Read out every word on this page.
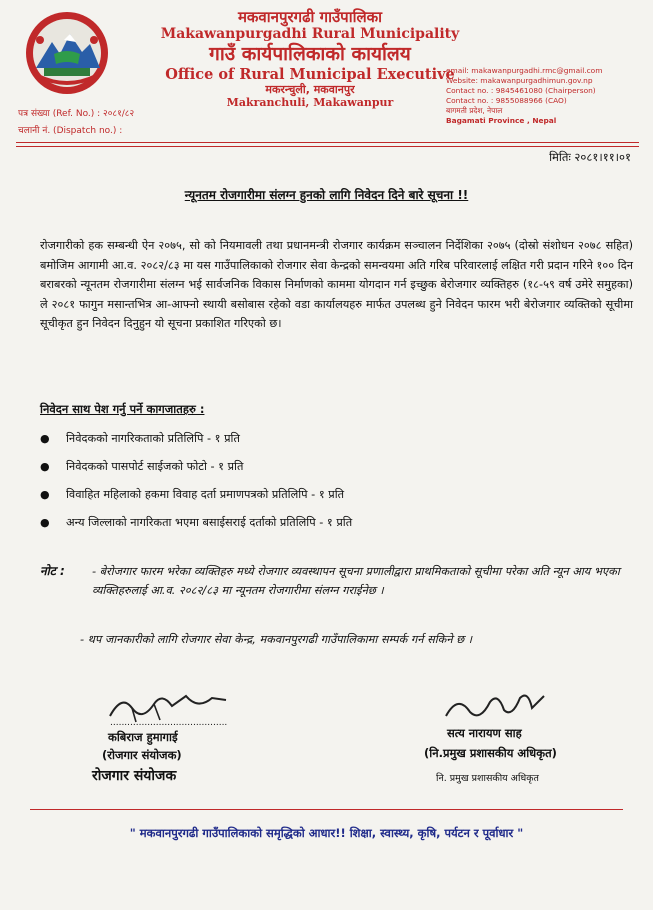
मकवानपुरगढी गाउँपालिका
Makawanpurgadhi Rural Municipality
गाउँ कार्यपालिकाको कार्यालय
Office of Rural Municipal Executive
मकरन्चुली, मकवानपुर
Makranchuli, Makawanpur
email: makawanpurgadhi.rmc@gmail.com
Website: makawanpurgadhimun.gov.np
Contact no. : 9845461080 (Chairperson)
Contact no. : 9855088966 (CAO)
बागमती प्रदेश, नेपाल
Bagamati Province , Nepal
पत्र संख्या (Ref. No.) : २०८१/८२
चलानी नं. (Dispatch no.) :
मितिः २०८१।११।०१
न्यूनतम रोजगारीमा संलग्न हुनको लागि निवेदन दिने बारे सूचना !!
रोजगारीको हक सम्बन्धी ऐन २०७५, सो को नियमावली तथा प्रधानमन्त्री रोजगार कार्यक्रम सञ्चालन निर्देशिका २०७५ (दोस्रो संशोधन २०७८ सहित) बमोजिम आगामी आ.व. २०८२/८३ मा यस गाउँपालिकाको रोजगार सेवा केन्द्रको समन्वयमा अति गरिब परिवारलाई लक्षित गरी प्रदान गरिने १०० दिन बराबरको न्यूनतम रोजगारीमा संलग्न भई सार्वजनिक विकास निर्माणको काममा योगदान गर्न इच्छुक बेरोजगार व्यक्तिहरु (१८-५९ वर्ष उमेरे समुहका) ले २०८१ फागुन मसान्तभित्र आ-आफ्नो स्थायी बसोबास रहेको वडा कार्यालयहरु मार्फत उपलब्ध हुने निवेदन फारम भरी बेरोजगार व्यक्तिको सूचीमा सूचीकृत हुन निवेदन दिनुहुन यो सूचना प्रकाशित गरिएको छ।
निवेदन साथ पेश गर्नु पर्ने कागजातहरु :
● निवेदकको नागरिकताको प्रतिलिपि - १ प्रति
● निवेदकको पासपोर्ट साईजको फोटो - १ प्रति
● विवाहित महिलाको हकमा विवाह दर्ता प्रमाणपत्रको प्रतिलिपि - १ प्रति
● अन्य जिल्लाको नागरिकता भएमा बसाईसराई दर्ताको प्रतिलिपि - १ प्रति
नोट : - बेरोजगार फारम भरेका व्यक्तिहरु मध्ये रोजगार व्यवस्थापन सूचना प्रणालीद्वारा प्राथमिकताको सूचीमा परेका अति न्यून आय भएका व्यक्तिहरुलाई आ.व. २०८२/८३ मा न्यूनतम रोजगारीमा संलग्न गराईनेछ ।
- थप जानकारीको लागि रोजगार सेवा केन्द्र, मकवानपुरगढी गाउँपालिकामा सम्पर्क गर्न सकिने छ ।
.........................................
कबिराज हुमागाई
(रोजगार संयोजक)
रोजगार संयोजक
सत्य नारायण साह
(नि.प्रमुख प्रशासकीय अधिकृत)
नि. प्रमुख प्रशासकीय अधिकृत
" मकवानपुरगढी गाउँपालिकाको समृद्धिको आधार!! शिक्षा, स्वास्थ्य, कृषि, पर्यटन र पूर्वाधार "
